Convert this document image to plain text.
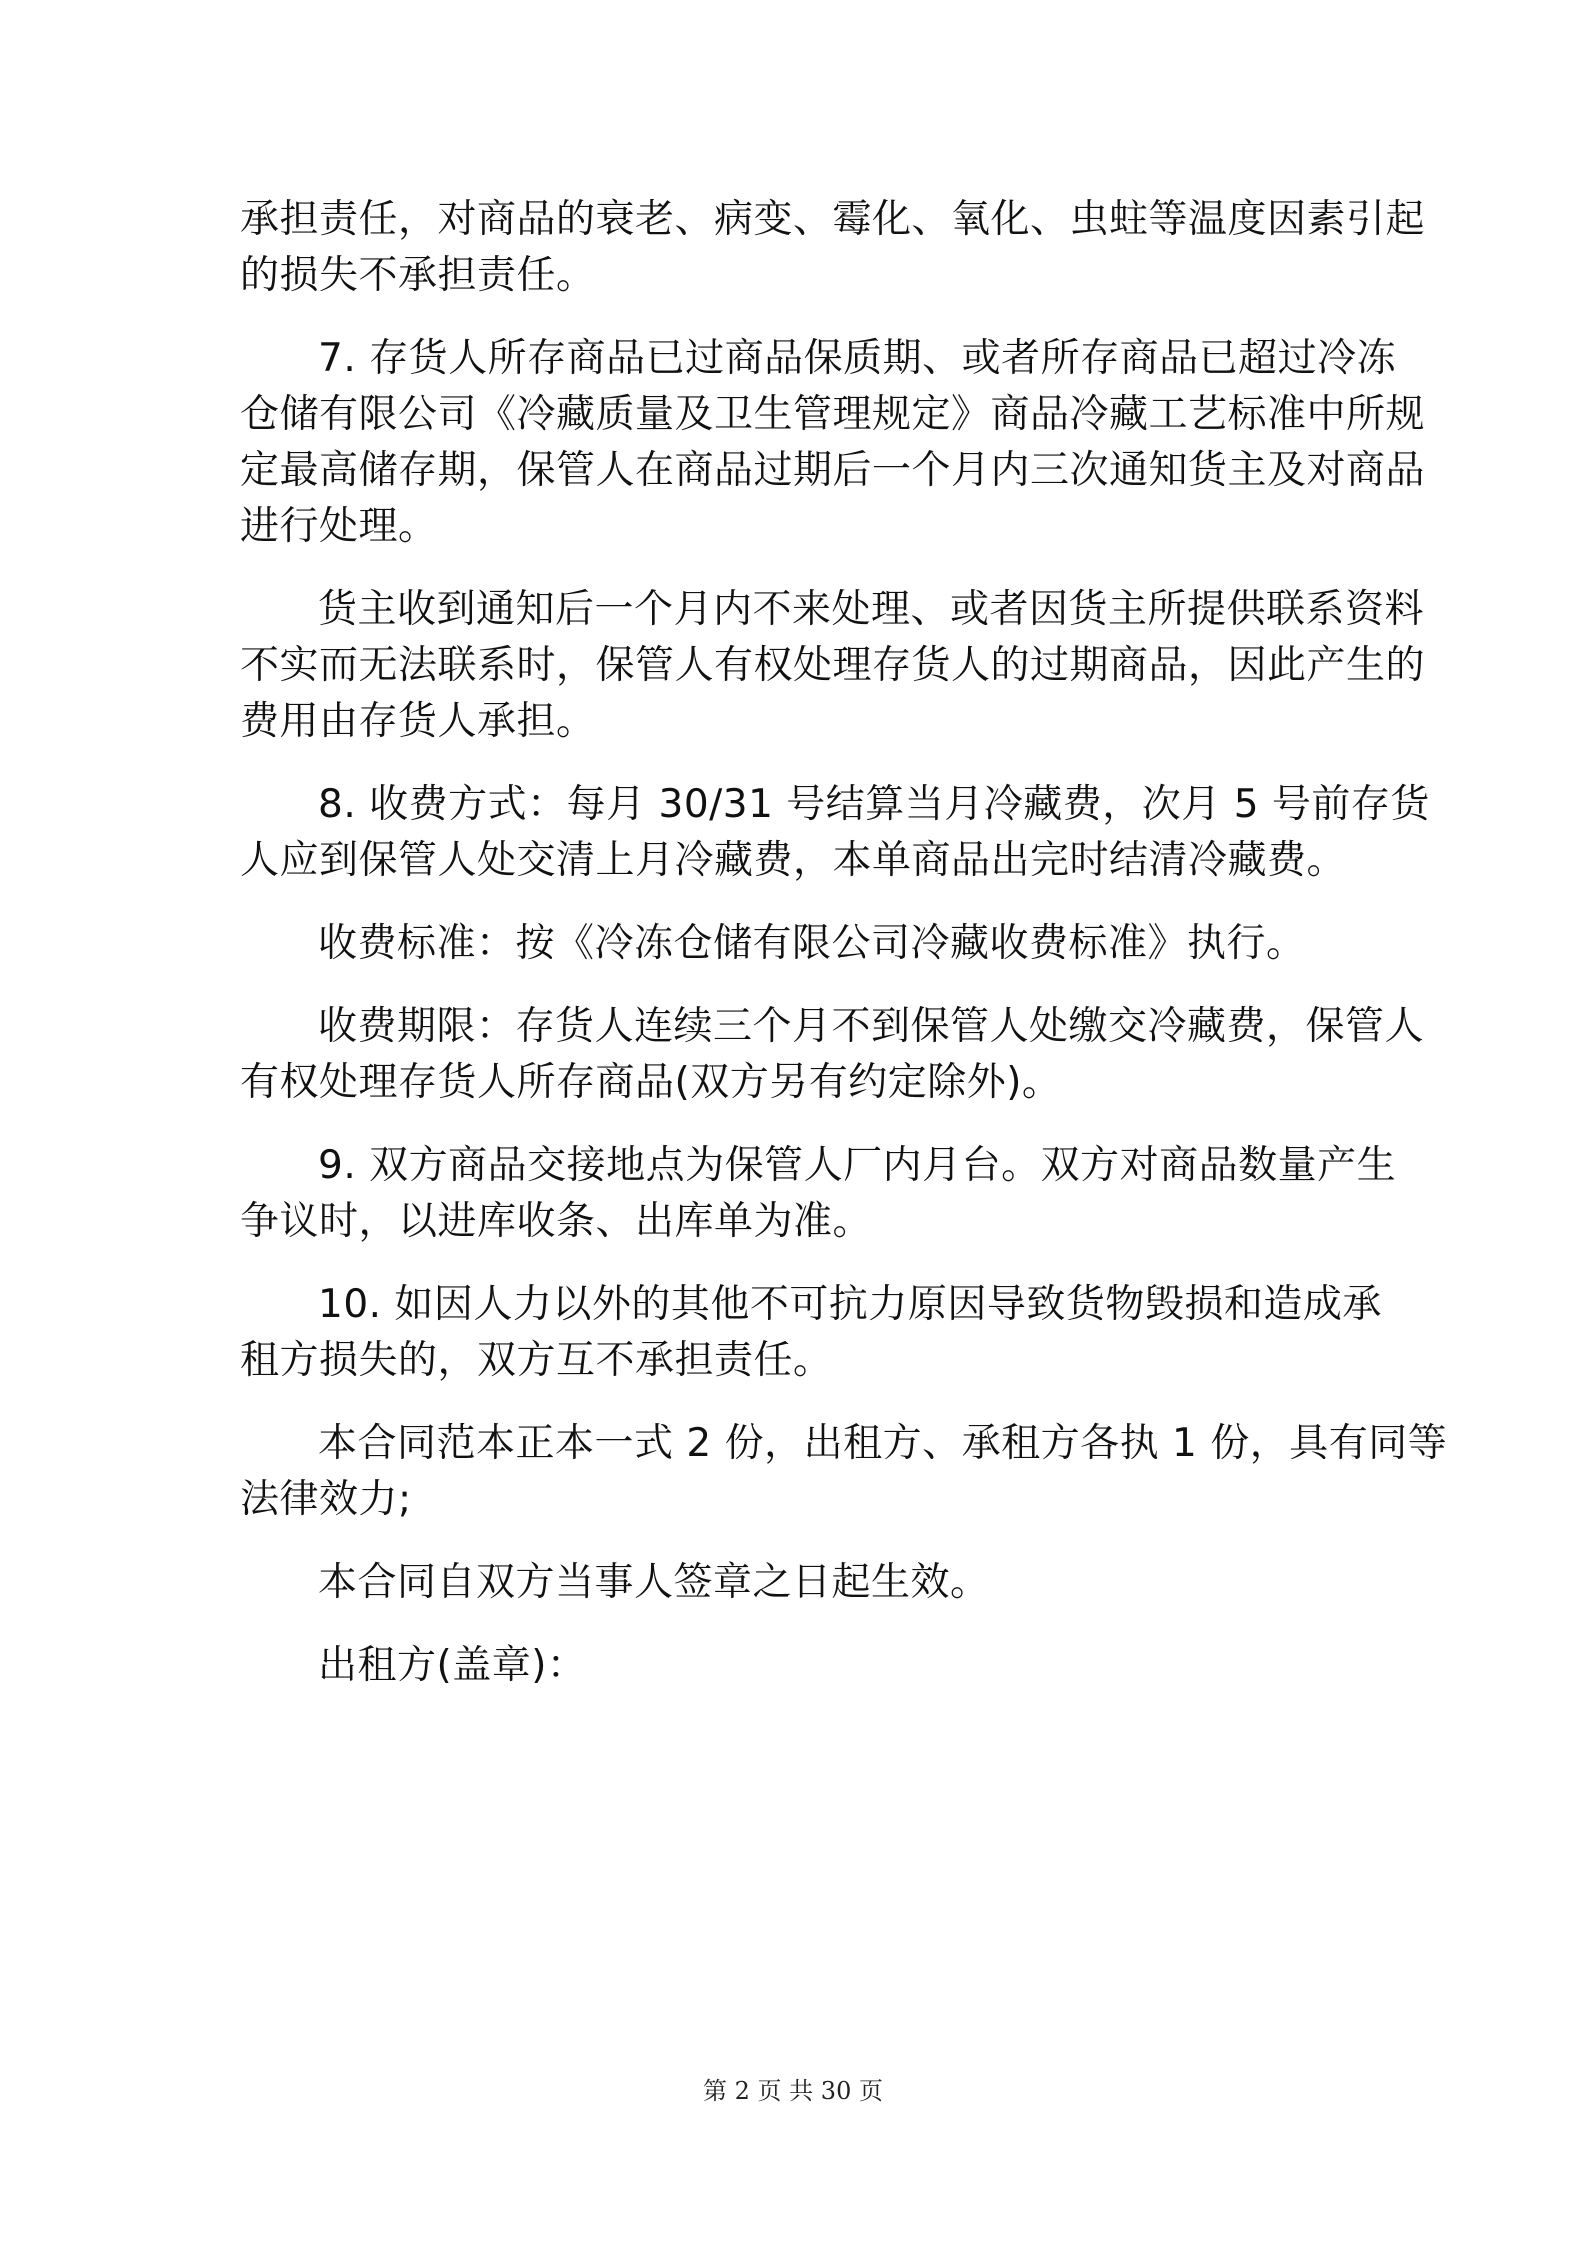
承担责任，对商品的衰老、病变、霉化、氧化、虫蛀等温度因素引起
的损失不承担责任。
7. 存货人所存商品已过商品保质期、或者所存商品已超过冷冻
仓储有限公司《冷藏质量及卫生管理规定》商品冷藏工艺标准中所规
定最高储存期，保管人在商品过期后一个月内三次通知货主及对商品
进行处理。
货主收到通知后一个月内不来处理、或者因货主所提供联系资料
不实而无法联系时，保管人有权处理存货人的过期商品，因此产生的
费用由存货人承担。
8. 收费方式：每月 30/31 号结算当月冷藏费，次月 5 号前存货
人应到保管人处交清上月冷藏费，本单商品出完时结清冷藏费。
收费标准：按《冷冻仓储有限公司冷藏收费标准》执行。
收费期限：存货人连续三个月不到保管人处缴交冷藏费，保管人
有权处理存货人所存商品(双方另有约定除外)。
9. 双方商品交接地点为保管人厂内月台。双方对商品数量产生
争议时，以进库收条、出库单为准。
10. 如因人力以外的其他不可抗力原因导致货物毁损和造成承
租方损失的，双方互不承担责任。
本合同范本正本一式 2 份，出租方、承租方各执 1 份，具有同等
法律效力;
本合同自双方当事人签章之日起生效。
出租方(盖章)：
第 2 页 共 30 页
